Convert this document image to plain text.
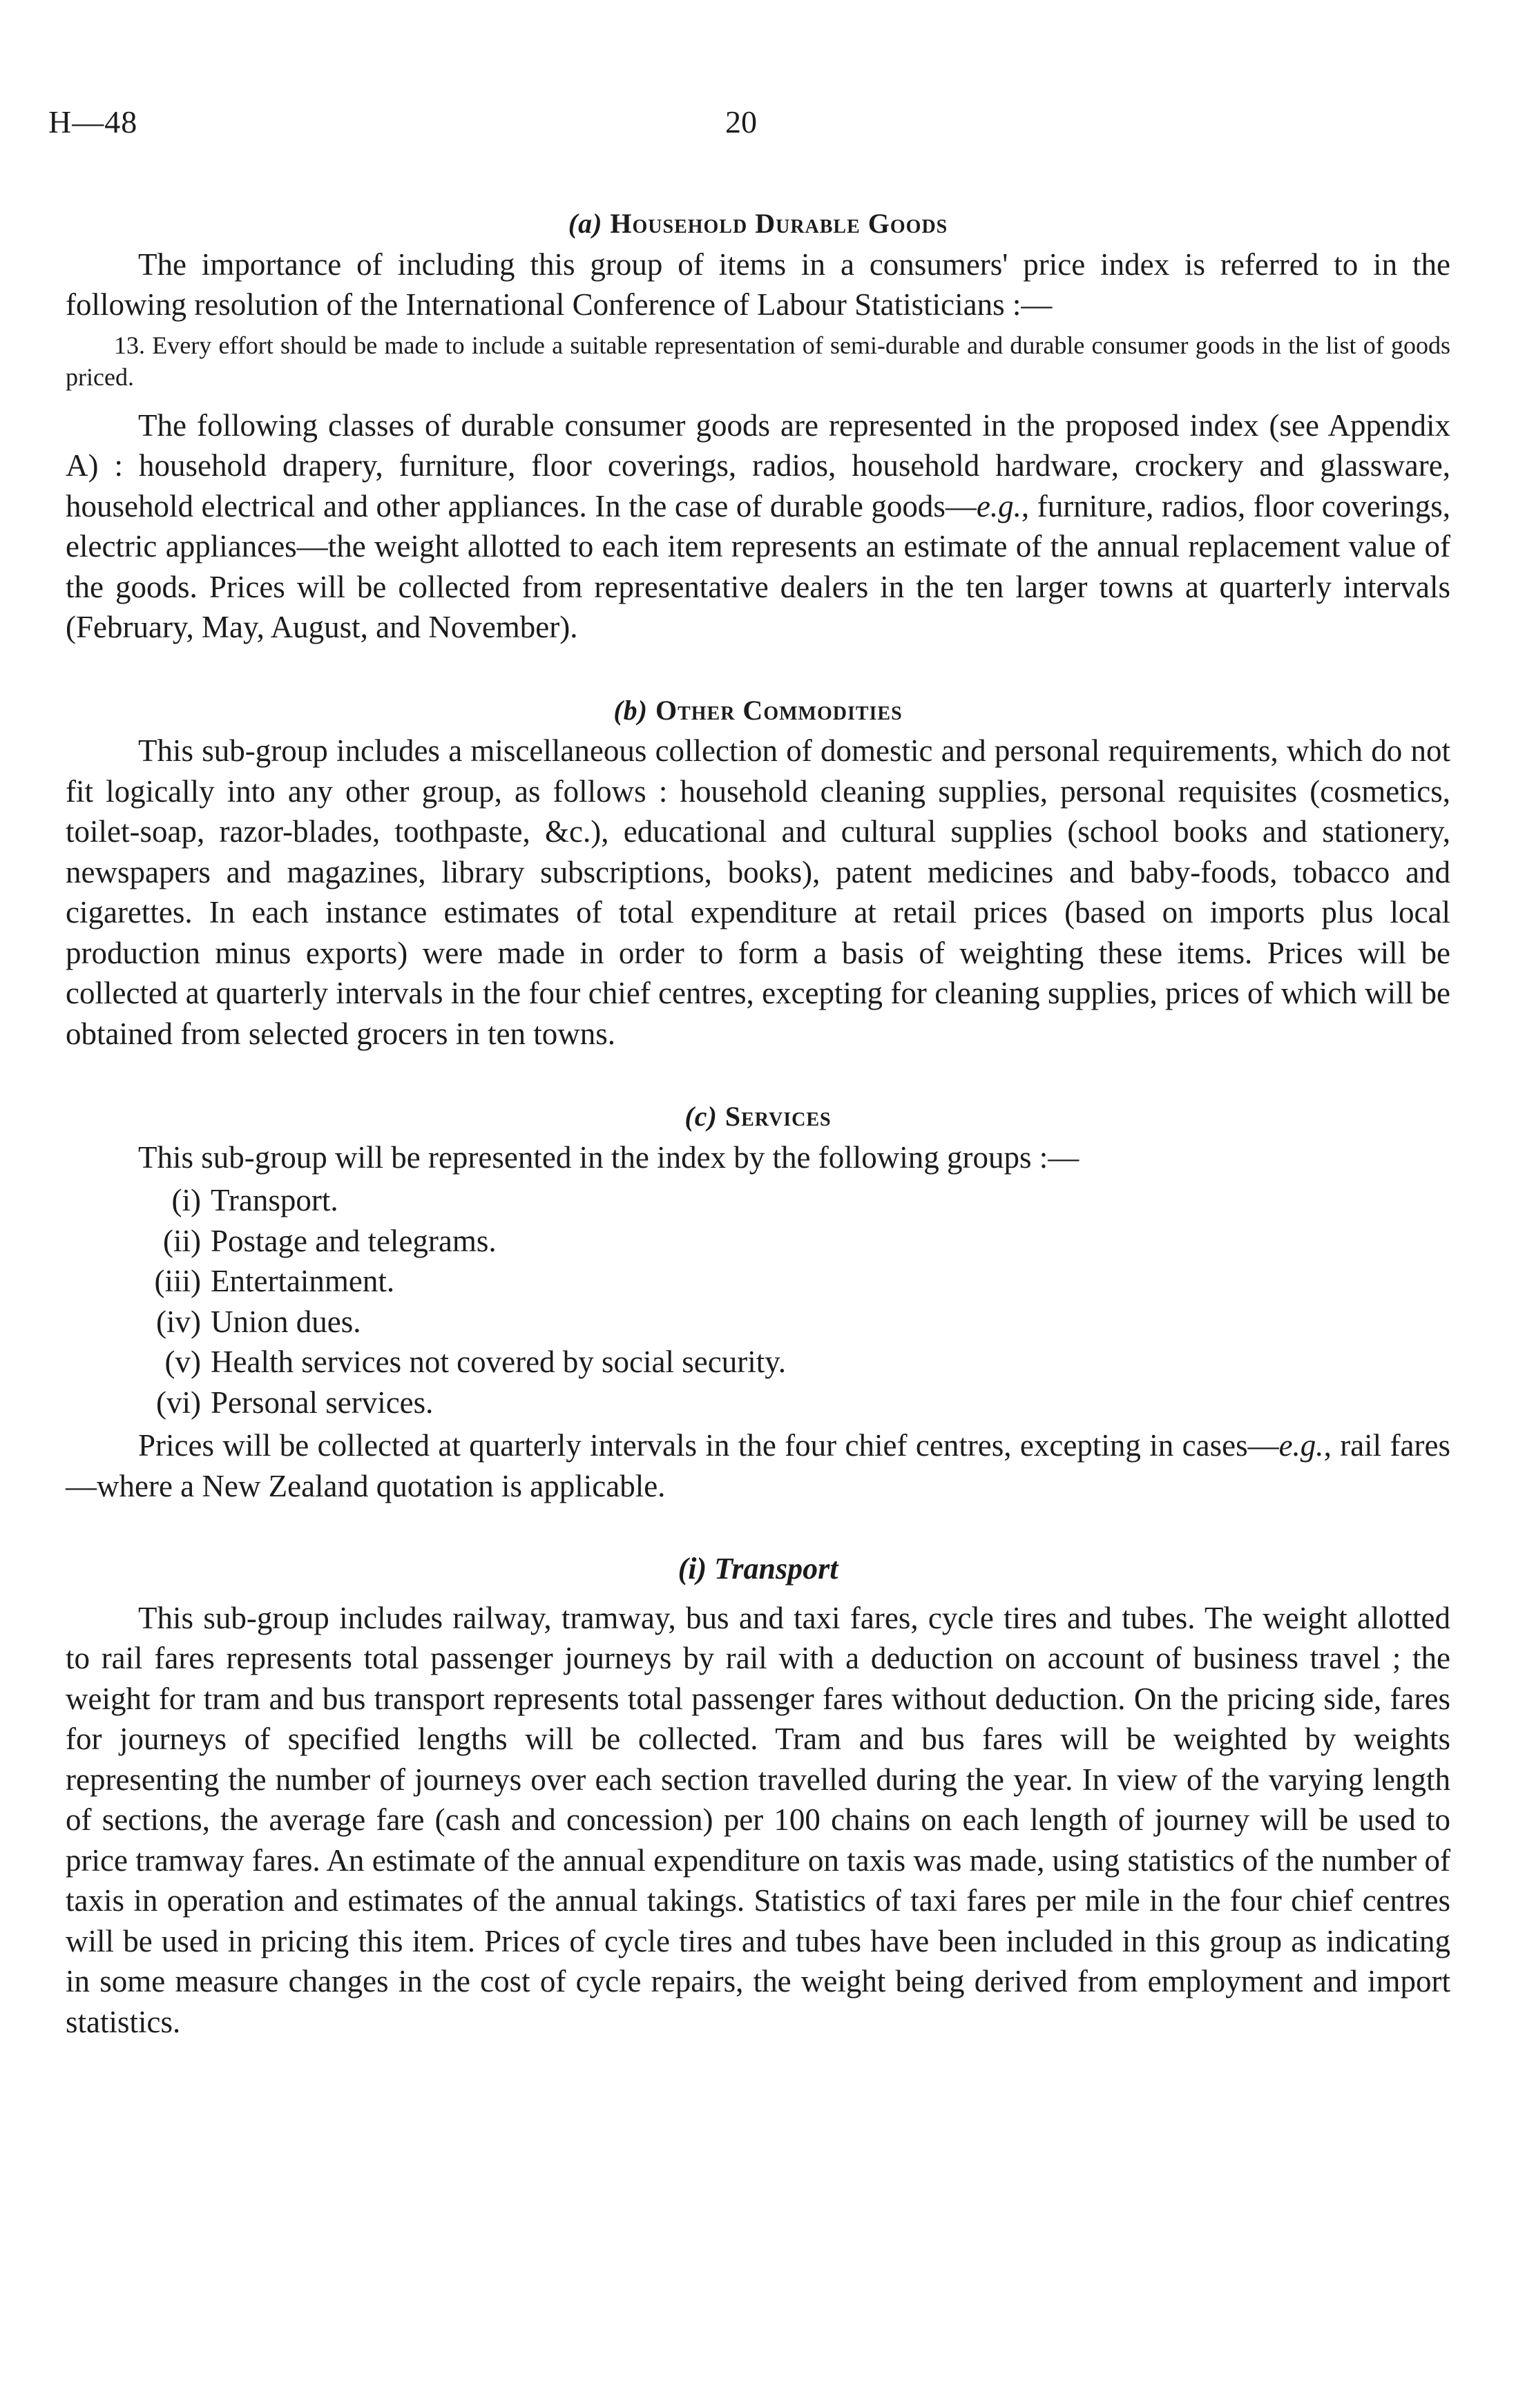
H—48	20
(a) Household Durable Goods

The importance of including this group of items in a consumers' price index is referred to in the following resolution of the International Conference of Labour Statisticians :—

13. Every effort should be made to include a suitable representation of semi-durable and durable consumer goods in the list of goods priced.

The following classes of durable consumer goods are represented in the proposed index (see Appendix A) : household drapery, furniture, floor coverings, radios, household hardware, crockery and glassware, household electrical and other appliances. In the case of durable goods—e.g., furniture, radios, floor coverings, electric appliances—the weight allotted to each item represents an estimate of the annual replacement value of the goods. Prices will be collected from representative dealers in the ten larger towns at quarterly intervals (February, May, August, and November).

(b) Other Commodities

This sub-group includes a miscellaneous collection of domestic and personal requirements, which do not fit logically into any other group, as follows : household cleaning supplies, personal requisites (cosmetics, toilet-soap, razor-blades, toothpaste, &c.), educational and cultural supplies (school books and stationery, newspapers and magazines, library subscriptions, books), patent medicines and baby-foods, tobacco and cigarettes. In each instance estimates of total expenditure at retail prices (based on imports plus local production minus exports) were made in order to form a basis of weighting these items. Prices will be collected at quarterly intervals in the four chief centres, excepting for cleaning supplies, prices of which will be obtained from selected grocers in ten towns.

(c) Services

This sub-group will be represented in the index by the following groups :—

(i) Transport.
(ii) Postage and telegrams.
(iii) Entertainment.
(iv) Union dues.
(v) Health services not covered by social security.
(vi) Personal services.

Prices will be collected at quarterly intervals in the four chief centres, excepting in cases—e.g., rail fares—where a New Zealand quotation is applicable.

(i) Transport

This sub-group includes railway, tramway, bus and taxi fares, cycle tires and tubes. The weight allotted to rail fares represents total passenger journeys by rail with a deduction on account of business travel ; the weight for tram and bus transport represents total passenger fares without deduction. On the pricing side, fares for journeys of specified lengths will be collected. Tram and bus fares will be weighted by weights representing the number of journeys over each section travelled during the year. In view of the varying length of sections, the average fare (cash and concession) per 100 chains on each length of journey will be used to price tramway fares. An estimate of the annual expenditure on taxis was made, using statistics of the number of taxis in operation and estimates of the annual takings. Statistics of taxi fares per mile in the four chief centres will be used in pricing this item. Prices of cycle tires and tubes have been included in this group as indicating in some measure changes in the cost of cycle repairs, the weight being derived from employment and import statistics.
